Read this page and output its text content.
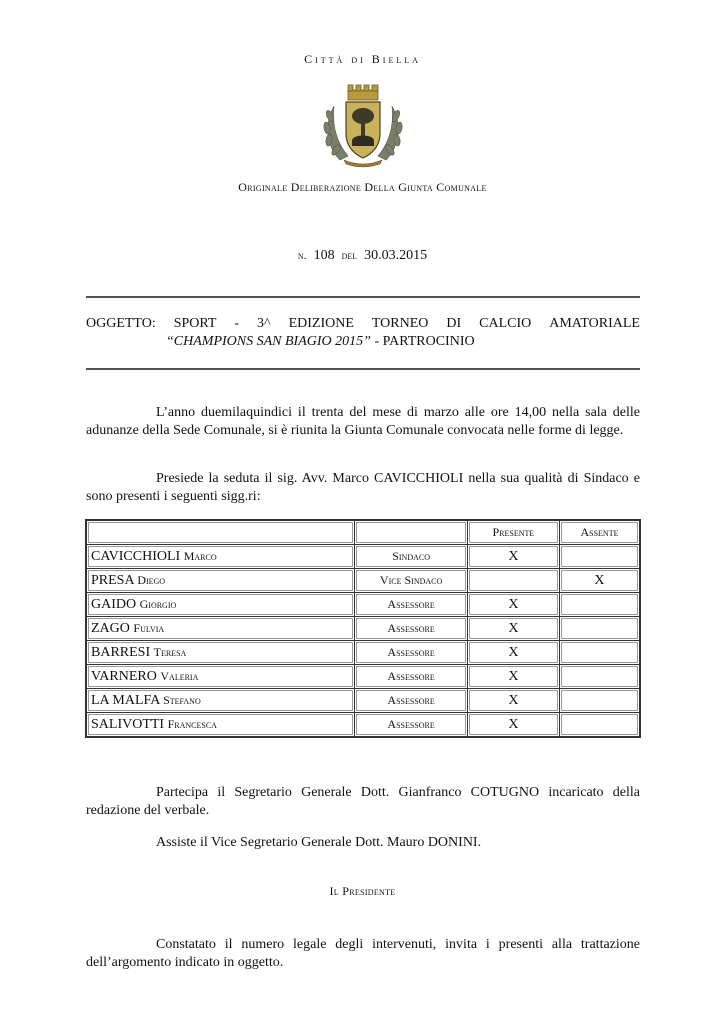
Città di Biella
Originale Deliberazione Della Giunta Comunale
n. 108 del 30.03.2015
OGGETTO: SPORT - 3^ EDIZIONE TORNEO DI CALCIO AMATORIALE
“CHAMPIONS SAN BIAGIO 2015” - PARTROCINIO

L’anno duemilaquindici il trenta del mese di marzo alle ore 14,00 nella sala delle adunanze della Sede Comunale, si è riunita la Giunta Comunale convocata nelle forme di legge.

Presiede la seduta il sig. Avv. Marco CAVICCHIOLI nella sua qualità di Sindaco e sono presenti i seguenti sigg.ri:

		Presente	Assente
CAVICCHIOLI Marco	Sindaco	X	
PRESA Diego	Vice Sindaco		X
GAIDO Giorgio	Assessore	X	
ZAGO Fulvia	Assessore	X	
BARRESI Teresa	Assessore	X	
VARNERO Valeria	Assessore	X	
LA MALFA Stefano	Assessore	X	
SALIVOTTI Francesca	Assessore	X	

Partecipa il Segretario Generale Dott. Gianfranco COTUGNO incaricato della redazione del verbale.

Assiste il Vice Segretario Generale Dott. Mauro DONINI.

Il Presidente

Constatato il numero legale degli intervenuti, invita i presenti alla trattazione dell’argomento indicato in oggetto.
